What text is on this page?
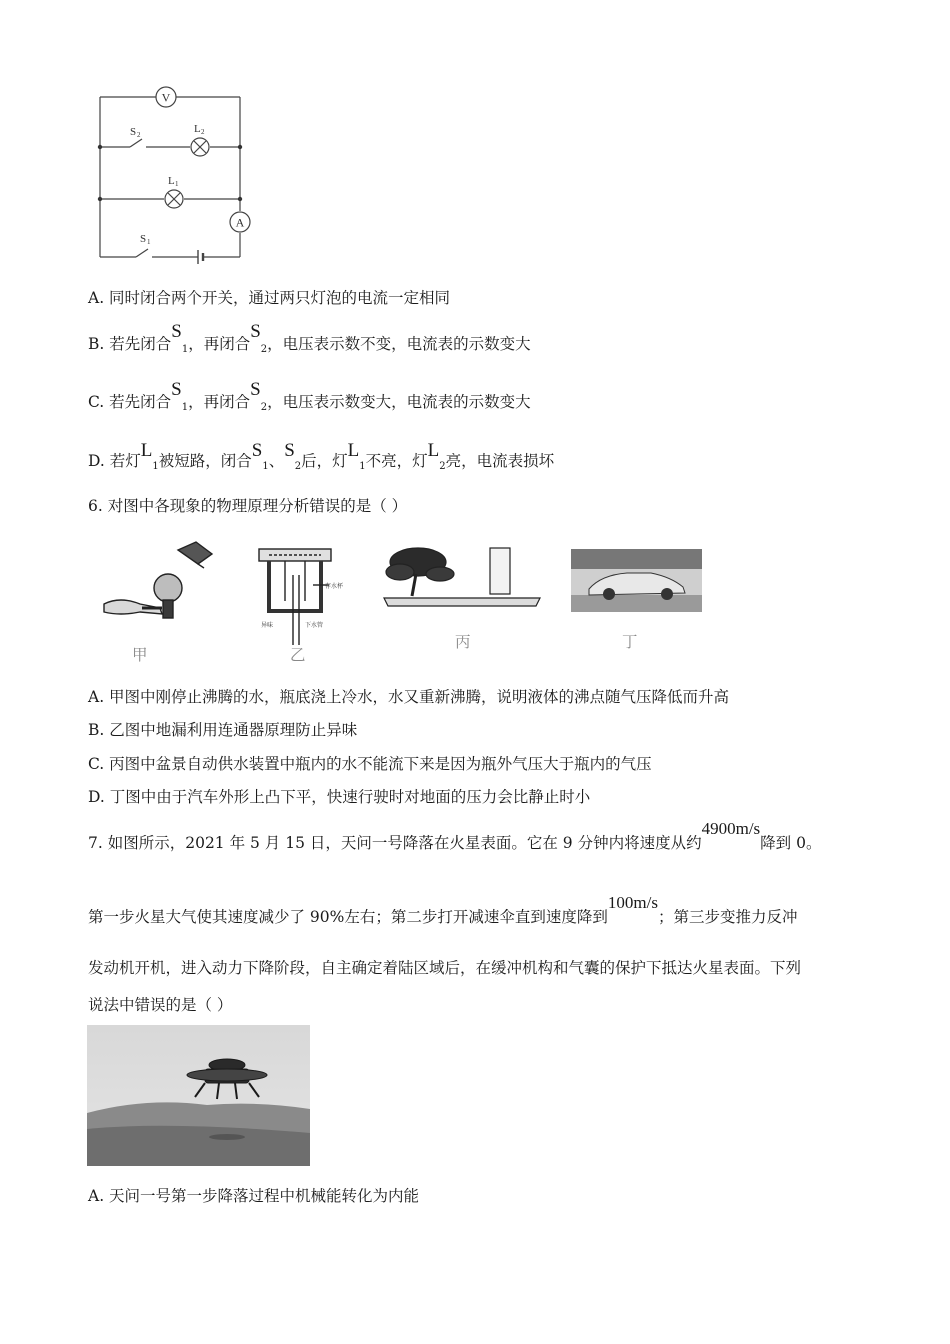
V
A
S 2	L 2
L 1
S 1
A. 同时闭合两个开关，通过两只灯泡的电流一定相同
B. 若先闭合S1，再闭合S2，电压表示数不变，电流表的示数变大
C. 若先闭合S1，再闭合S2，电压表示数变大，电流表的示数变大
D. 若灯L1被短路，闭合S1、S2后，灯L1不亮，灯L2亮，电流表损坏
6. 对图中各现象的物理原理分析错误的是（ ）
甲
存水杯
异味	下水管
乙
丙	丁
A. 甲图中刚停止沸腾的水，瓶底浇上冷水，水又重新沸腾，说明液体的沸点随气压降低而升高
B. 乙图中地漏利用连通器原理防止异味
C. 丙图中盆景自动供水装置中瓶内的水不能流下来是因为瓶外气压大于瓶内的气压
D. 丁图中由于汽车外形上凸下平，快速行驶时对地面的压力会比静止时小
7. 如图所示，2021 年 5 月 15 日，天问一号降落在火星表面。它在 9 分钟内将速度从约4900m/s降到 0。
第一步火星大气使其速度减少了 90%左右；第二步打开减速伞直到速度降到100m/s；第三步变推力反冲
发动机开机，进入动力下降阶段，自主确定着陆区域后，在缓冲机构和气囊的保护下抵达火星表面。下列
说法中错误的是（ ）
A. 天问一号第一步降落过程中机械能转化为内能
